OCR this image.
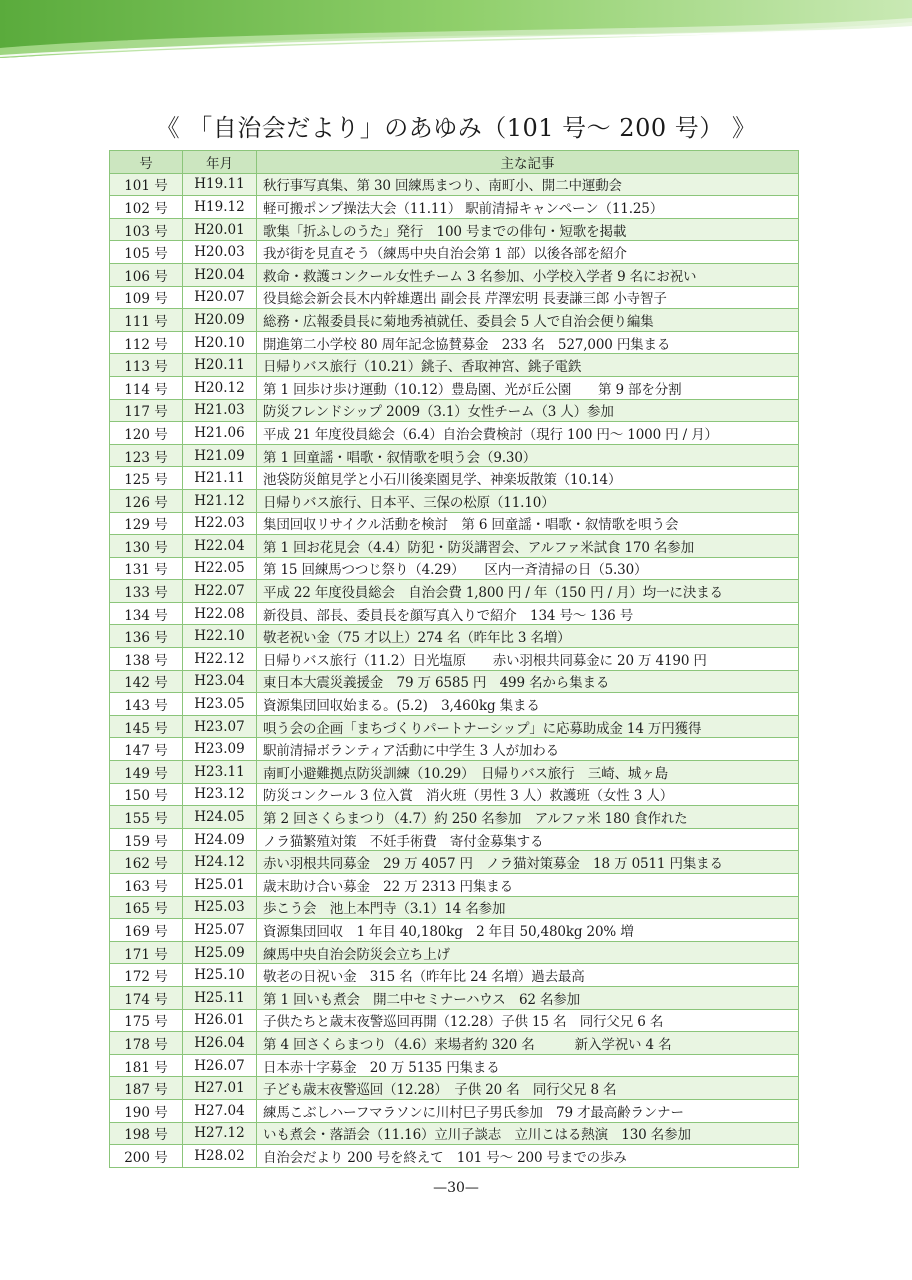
《 「自治会だより」のあゆみ（101 号～ 200 号） 》
号	年月	主な記事
101 号	H19.11	秋行事写真集、第 30 回練馬まつり、南町小、開二中運動会
102 号	H19.12	軽可搬ポンプ操法大会（11.11） 駅前清掃キャンペーン（11.25）
103 号	H20.01	歌集「折ふしのうた」発行　100 号までの俳句・短歌を掲載
105 号	H20.03	我が街を見直そう（練馬中央自治会第 1 部）以後各部を紹介
106 号	H20.04	救命・救護コンクール女性チーム 3 名参加、小学校入学者 9 名にお祝い
109 号	H20.07	役員総会新会長木内幹雄選出 副会長 芹澤宏明 長妻謙三郎 小寺智子
111 号	H20.09	総務・広報委員長に菊地秀禎就任、委員会 5 人で自治会便り編集
112 号	H20.10	開進第二小学校 80 周年記念協賛募金　233 名　527,000 円集まる
113 号	H20.11	日帰りバス旅行（10.21）銚子、香取神宮、銚子電鉄
114 号	H20.12	第 1 回歩け歩け運動（10.12）豊島園、光が丘公園　　第 9 部を分割
117 号	H21.03	防災フレンドシップ 2009（3.1）女性チーム（3 人）参加
120 号	H21.06	平成 21 年度役員総会（6.4）自治会費検討（現行 100 円～ 1000 円 / 月）
123 号	H21.09	第 1 回童謡・唱歌・叙情歌を唄う会（9.30）
125 号	H21.11	池袋防災館見学と小石川後楽園見学、神楽坂散策（10.14）
126 号	H21.12	日帰りバス旅行、日本平、三保の松原（11.10）
129 号	H22.03	集団回収リサイクル活動を検討　第 6 回童謡・唱歌・叙情歌を唄う会
130 号	H22.04	第 1 回お花見会（4.4）防犯・防災講習会、アルファ米試食 170 名参加
131 号	H22.05	第 15 回練馬つつじ祭り（4.29）　　区内一斉清掃の日（5.30）
133 号	H22.07	平成 22 年度役員総会　自治会費 1,800 円 / 年（150 円 / 月）均一に決まる
134 号	H22.08	新役員、部長、委員長を顔写真入りで紹介　134 号～ 136 号
136 号	H22.10	敬老祝い金（75 才以上）274 名（昨年比 3 名増）
138 号	H22.12	日帰りバス旅行（11.2）日光塩原　　赤い羽根共同募金に 20 万 4190 円
142 号	H23.04	東日本大震災義援金　79 万 6585 円　499 名から集まる
143 号	H23.05	資源集団回収始まる。(5.2)　3,460kg 集まる
145 号	H23.07	唄う会の企画「まちづくりパートナーシップ」に応募助成金 14 万円獲得
147 号	H23.09	駅前清掃ボランティア活動に中学生 3 人が加わる
149 号	H23.11	南町小避難拠点防災訓練（10.29）　日帰りバス旅行　三崎、城ヶ島
150 号	H23.12	防災コンクール 3 位入賞　消火班（男性 3 人）救護班（女性 3 人）
155 号	H24.05	第 2 回さくらまつり（4.7）約 250 名参加　アルファ米 180 食作れた
159 号	H24.09	ノラ猫繁殖対策　不妊手術費　寄付金募集する
162 号	H24.12	赤い羽根共同募金　29 万 4057 円　ノラ猫対策募金　18 万 0511 円集まる
163 号	H25.01	歳末助け合い募金　22 万 2313 円集まる
165 号	H25.03	歩こう会　池上本門寺（3.1）14 名参加
169 号	H25.07	資源集団回収　1 年目 40,180kg　2 年目 50,480kg 20% 増
171 号	H25.09	練馬中央自治会防災会立ち上げ
172 号	H25.10	敬老の日祝い金　315 名（昨年比 24 名増）過去最高
174 号	H25.11	第 1 回いも煮会　開二中セミナーハウス　62 名参加
175 号	H26.01	子供たちと歳末夜警巡回再開（12.28）子供 15 名　同行父兄 6 名
178 号	H26.04	第 4 回さくらまつり（4.6）来場者約 320 名　　　新入学祝い 4 名
181 号	H26.07	日本赤十字募金　20 万 5135 円集まる
187 号	H27.01	子ども歳末夜警巡回（12.28）　子供 20 名　同行父兄 8 名
190 号	H27.04	練馬こぶしハーフマラソンに川村巳子男氏参加　79 才最高齢ランナー
198 号	H27.12	いも煮会・落語会（11.16）立川子談志　立川こはる熱演　130 名参加
200 号	H28.02	自治会だより 200 号を終えて　101 号～ 200 号までの歩み
—30—
